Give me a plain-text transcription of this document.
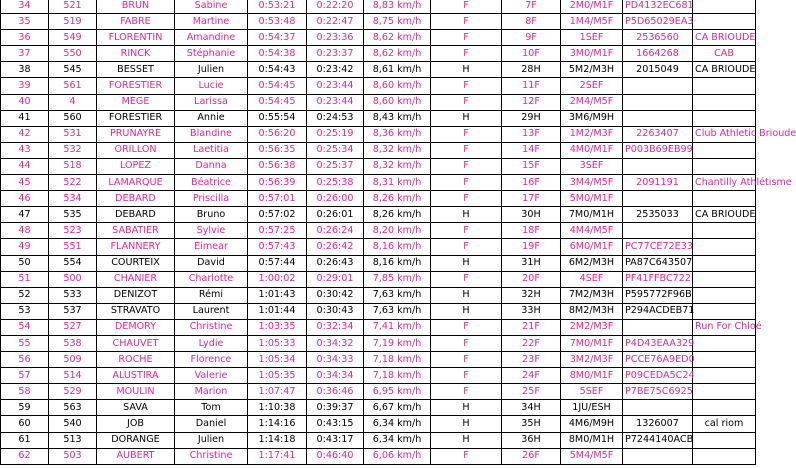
34	521	BRUN	Sabine	0:53:21	0:22:20	8,83 km/h	F	7F	2M0/M1F	PD4132EC681	
35	519	FABRE	Martine	0:53:48	0:22:47	8,75 km/h	F	8F	1M4/M5F	P5D65029EA3	
36	549	FLORENTIN	Amandine	0:54:37	0:23:36	8,62 km/h	F	9F	1SEF	2536560	CA BRIOUDE
37	550	RINCK	Stéphanie	0:54:38	0:23:37	8,62 km/h	F	10F	3M0/M1F	1664268	CAB
38	545	BESSET	Julien	0:54:43	0:23:42	8,61 km/h	H	28H	5M2/M3H	2015049	CA BRIOUDE
39	561	FORESTIER	Lucie	0:54:45	0:23:44	8,60 km/h	F	11F	2SEF		
40	4	MEGE	Larissa	0:54:45	0:23:44	8,60 km/h	F	12F	2M4/M5F		
41	560	FORESTIER	Annie	0:55:54	0:24:53	8,43 km/h	H	29H	3M6/M9H		
42	531	PRUNAYRE	Blandine	0:56:20	0:25:19	8,36 km/h	F	13F	1M2/M3F	2263407	Club Athletic Brioude
43	532	ORILLON	Laetitia	0:56:35	0:25:34	8,32 km/h	F	14F	4M0/M1F	P003B69EB99	
44	518	LOPEZ	Danna	0:56:38	0:25:37	8,32 km/h	F	15F	3SEF		
45	522	LAMARQUE	Béatrice	0:56:39	0:25:38	8,31 km/h	F	16F	3M4/M5F	2091191	Chantilly Athlétisme
46	534	DEBARD	Priscilla	0:57:01	0:26:00	8,26 km/h	F	17F	5M0/M1F		
47	535	DEBARD	Bruno	0:57:02	0:26:01	8,26 km/h	H	30H	7M0/M1H	2535033	CA BRIOUDE
48	523	SABATIER	Sylvie	0:57:25	0:26:24	8,20 km/h	F	18F	4M4/M5F		
49	551	FLANNERY	Eimear	0:57:43	0:26:42	8,16 km/h	F	19F	6M0/M1F	PC77CE72E33	
50	554	COURTEIX	David	0:57:44	0:26:43	8,16 km/h	H	31H	6M2/M3H	PA87C643507	
51	500	CHANIER	Charlotte	1:00:02	0:29:01	7,85 km/h	F	20F	4SEF	PF41FFBC722	
52	533	DENIZOT	Rémi	1:01:43	0:30:42	7,63 km/h	H	32H	7M2/M3H	P595772F96B	
53	537	STRAVATO	Laurent	1:01:44	0:30:43	7,63 km/h	H	33H	8M2/M3H	P294ACDEB71	
54	527	DEMORY	Christine	1:03:35	0:32:34	7,41 km/h	F	21F	2M2/M3F		Run For Chloé
55	538	CHAUVET	Lydie	1:05:33	0:34:32	7,19 km/h	F	22F	7M0/M1F	P4D43EAA329	
56	509	ROCHE	Florence	1:05:34	0:34:33	7,18 km/h	F	23F	3M2/M3F	PCCE76A9ED0	
57	514	ALUSTIRA	Valerie	1:05:35	0:34:34	7,18 km/h	F	24F	8M0/M1F	P09CEDA5C24	
58	529	MOULIN	Marion	1:07:47	0:36:46	6,95 km/h	F	25F	5SEF	P7BE75C6925	
59	563	SAVA	Tom	1:10:38	0:39:37	6,67 km/h	H	34H	1JU/ESH		
60	540	JOB	Daniel	1:14:16	0:43:15	6,34 km/h	H	35H	4M6/M9H	1326007	cal riom
61	513	DORANGE	Julien	1:14:18	0:43:17	6,34 km/h	H	36H	8M0/M1H	P7244140ACB	
62	503	AUBERT	Christine	1:17:41	0:46:40	6,06 km/h	F	26F	5M4/M5F		
